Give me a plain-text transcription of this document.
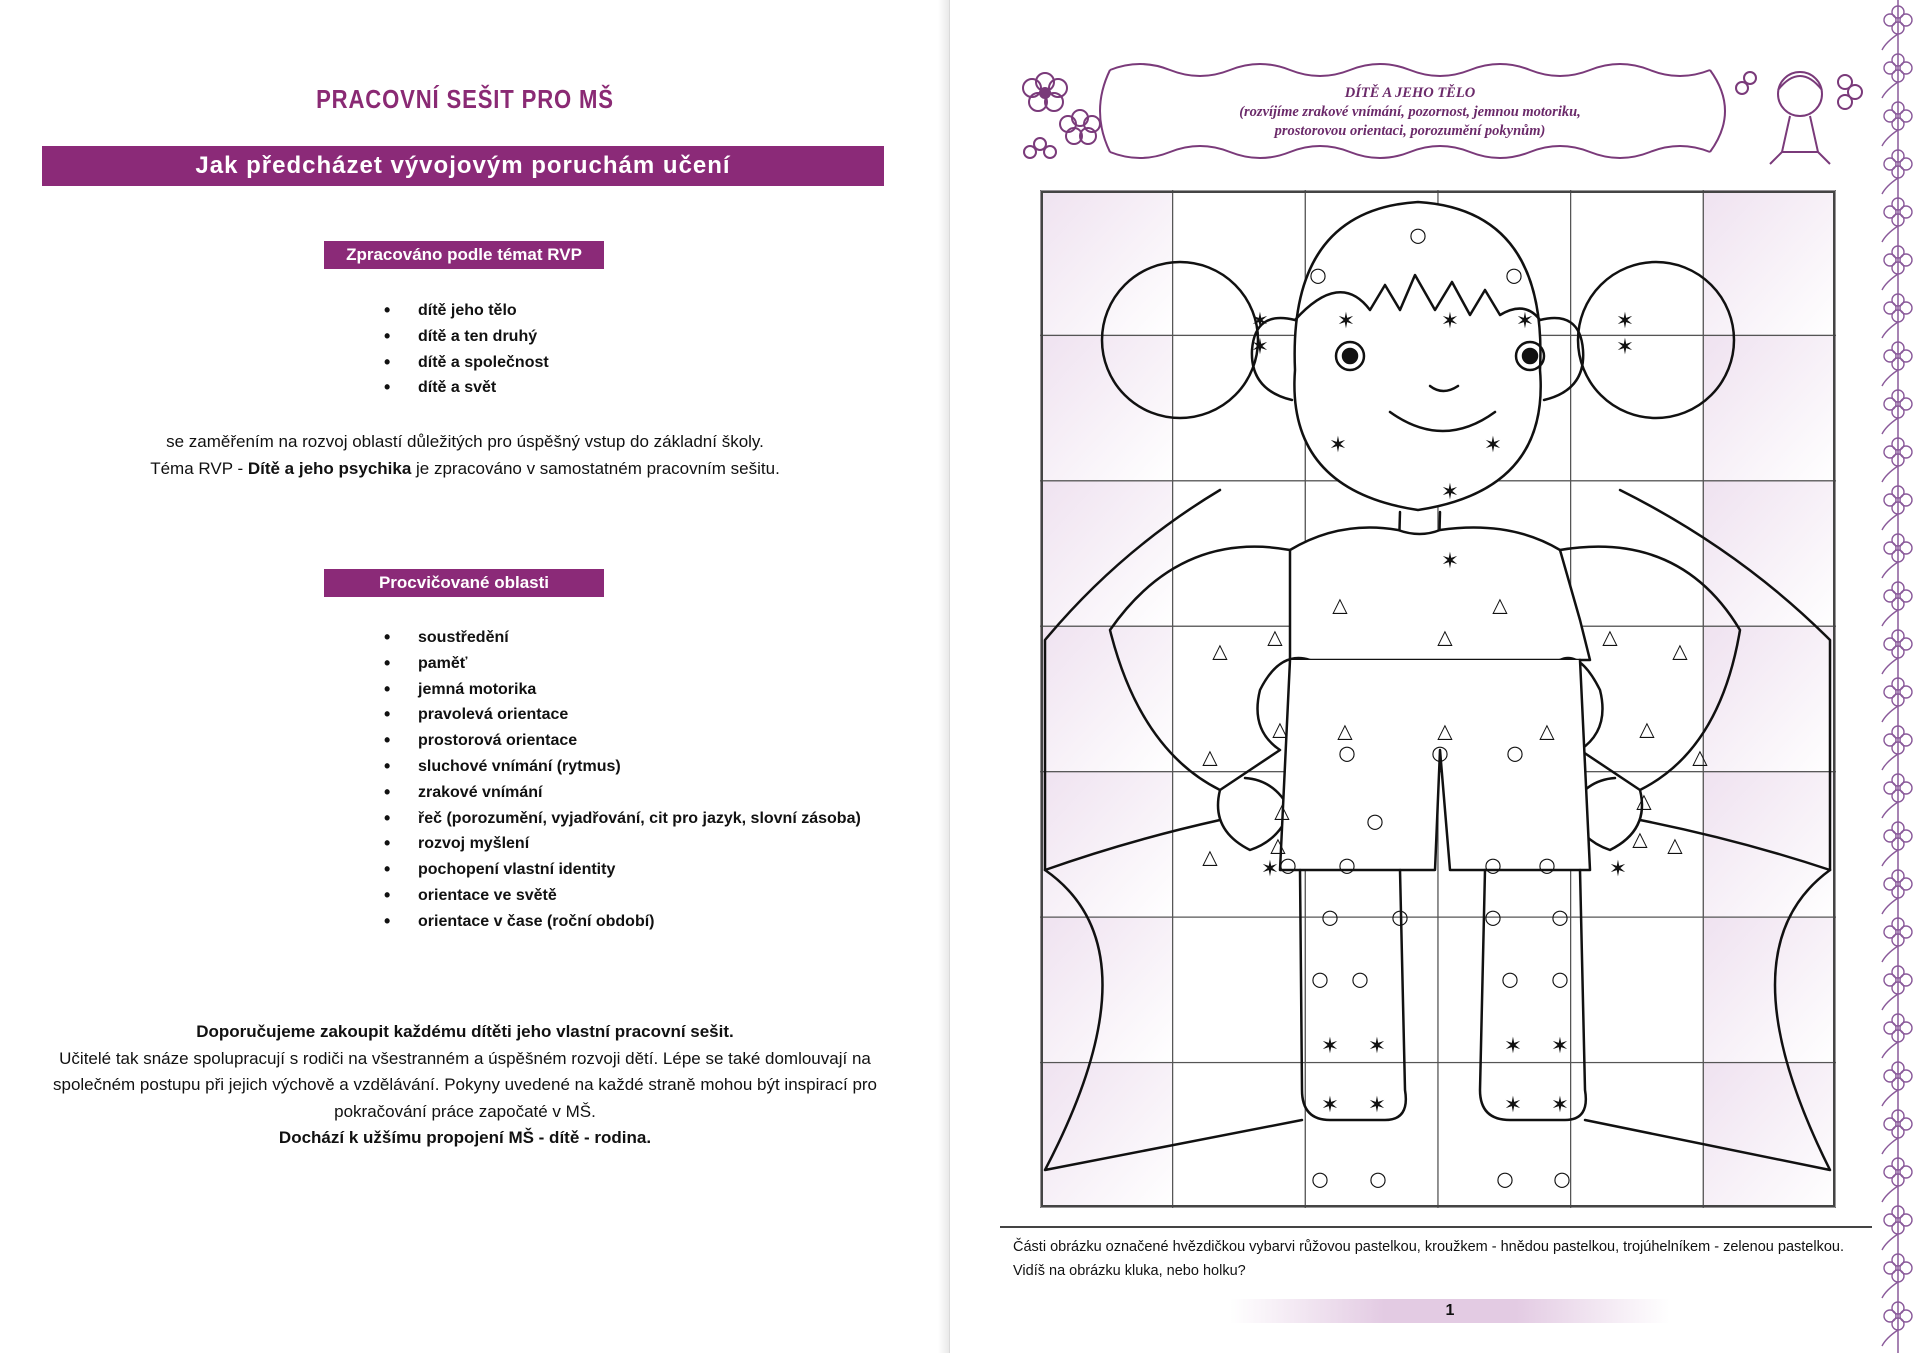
PRACOVNÍ SEŠIT PRO MŠ
Jak předcházet vývojovým poruchám učení
Zpracováno podle témat RVP
• dítě jeho tělo
• dítě a ten druhý
• dítě a společnost
• dítě a svět
se zaměřením na rozvoj oblastí důležitých pro úspěšný vstup do základní školy.
Téma RVP - Dítě a jeho psychika je zpracováno v samostatném pracovním sešitu.
Procvičované oblasti
• soustředění
• paměť
• jemná motorika
• pravolevá orientace
• prostorová orientace
• sluchové vnímání (rytmus)
• zrakové vnímání
• řeč (porozumění, vyjadřování, cit pro jazyk, slovní zásoba)
• rozvoj myšlení
• pochopení vlastní identity
• orientace ve světě
• orientace v čase (roční období)
Doporučujeme zakoupit každému dítěti jeho vlastní pracovní sešit.
Učitelé tak snáze spolupracují s rodiči na všestranném a úspěšném rozvoji dětí. Lépe se také domlouvají na společném postupu při jejich výchově a vzdělávání. Pokyny uvedené na každé straně mohou být inspirací pro pokračování práce započaté v MŠ.
Dochází k užšímu propojení MŠ - dítě - rodina.
DÍTĚ A JEHO TĚLO
(rozvíjíme zrakové vnímání, pozornost, jemnou motoriku,
prostorovou orientaci, porozumění pokynům)
○
○	○
✶
✶
✶	✶	✶	✶
✶
✶	✶
✶
✶
△	△
△
△
△	△
△
△ △	△	△	△
△	△
△	△
△	△	△ △
○	○	○
○
○	○ ○
○
✶	✶
○	○ ○
○
○ ○	○ ○
✶ ✶	✶ ✶
✶ ✶	✶ ✶
○ ○	○ ○
Části obrázku označené hvězdičkou vybarvi růžovou pastelkou, kroužkem - hnědou pastelkou, trojúhelníkem - zelenou pastelkou. Vidíš na obrázku kluka, nebo holku?
1
